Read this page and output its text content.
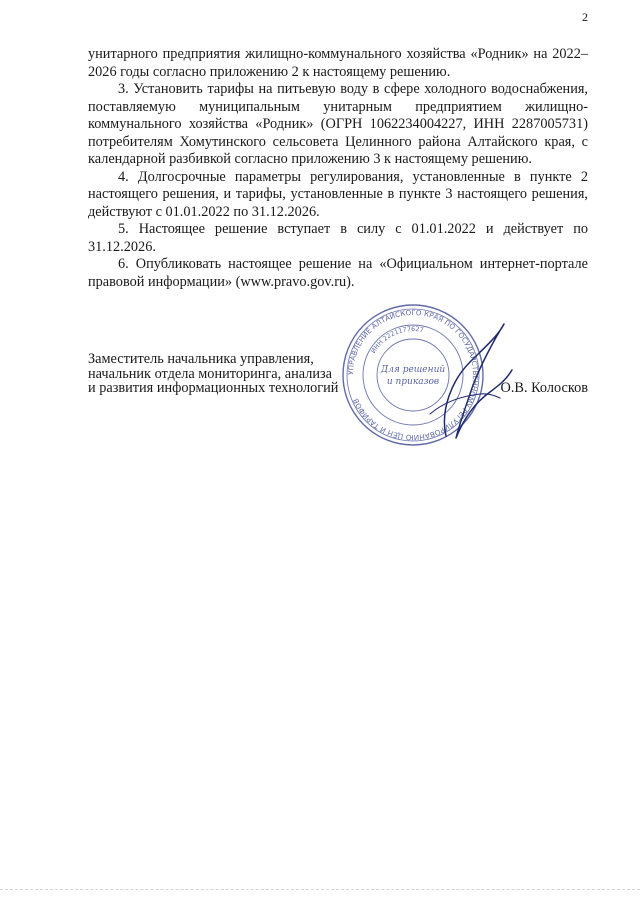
2

унитарного предприятия жилищно-коммунального хозяйства «Родник» на 2022–2026 годы согласно приложению 2 к настоящему решению.

3. Установить тарифы на питьевую воду в сфере холодного водоснабжения, поставляемую муниципальным унитарным предприятием жилищно-коммунального хозяйства «Родник» (ОГРН 1062234004227, ИНН 2287005731) потребителям Хомутинского сельсовета Целинного района Алтайского края, с календарной разбивкой согласно приложению 3 к настоящему решению.

4. Долгосрочные параметры регулирования, установленные в пункте 2 настоящего решения, и тарифы, установленные в пункте 3 настоящего решения, действуют с 01.01.2022 по 31.12.2026.

5. Настоящее решение вступает в силу с 01.01.2022 и действует по 31.12.2026.

6. Опубликовать настоящее решение на «Официальном интернет-портале правовой информации» (www.pravo.gov.ru).

УПРАВЛЕНИЕ АЛТАЙСКОГО КРАЯ ПО ГОСУДАРСТВЕННОМУ РЕГУЛИРОВАНИЮ ЦЕН И ТАРИФОВ
ИНН 2221177627
Для решений
и приказов
Заместитель начальника управления,
начальник отдела мониторинга, анализа
и развития информационных технологий	О.В. Колосков
